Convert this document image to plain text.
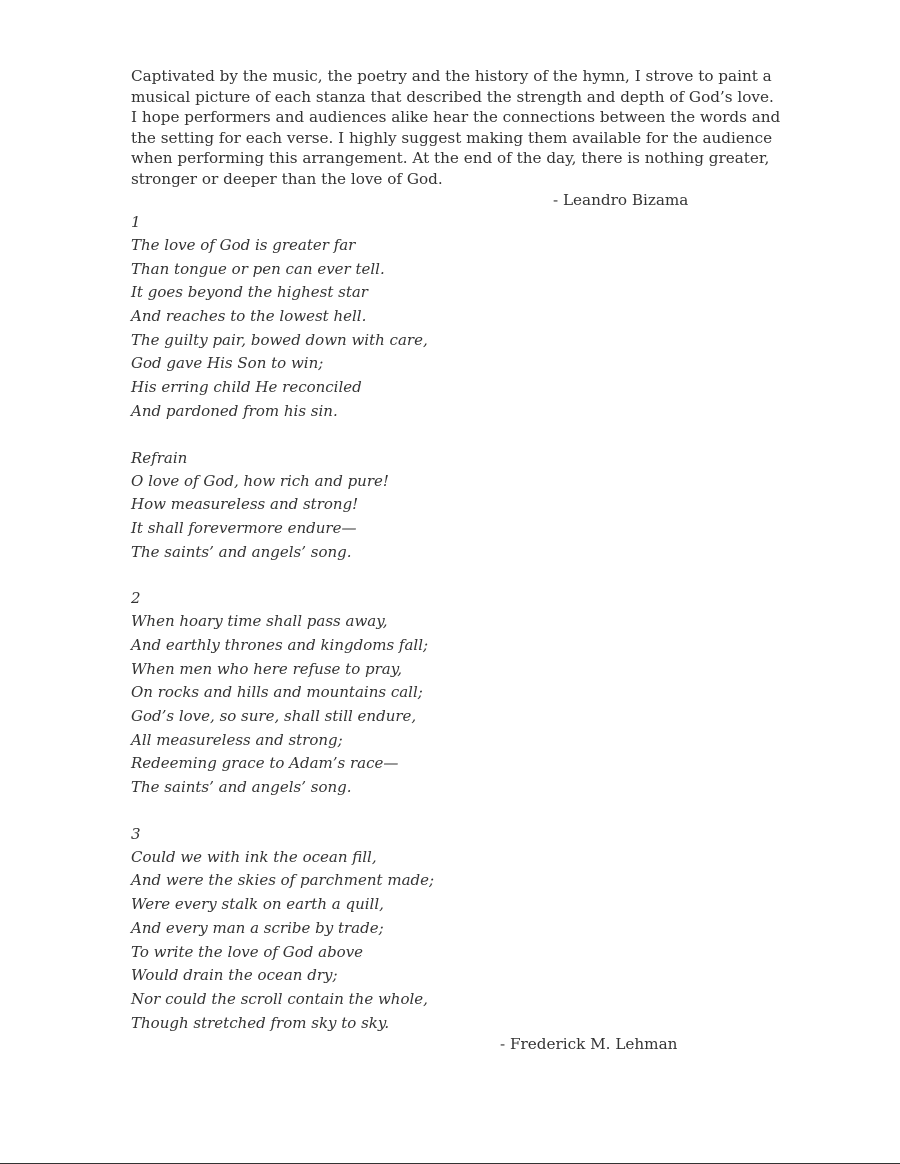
Captivated by the music, the poetry and the history of the hymn, I strove to paint a musical picture of each stanza that described the strength and depth of God’s love. I hope performers and audiences alike hear the connections between the words and the setting for each verse. I highly suggest making them available for the audience when performing this arrangement. At the end of the day, there is nothing greater, stronger or deeper than the love of God.

- Leandro Bizama
1
The love of God is greater far
Than tongue or pen can ever tell.
It goes beyond the highest star
And reaches to the lowest hell.
The guilty pair, bowed down with care,
God gave His Son to win;
His erring child He reconciled
And pardoned from his sin.
Refrain
O love of God, how rich and pure!
How measureless and strong!
It shall forevermore endure—
The saints’ and angels’ song.
2
When hoary time shall pass away,
And earthly thrones and kingdoms fall;
When men who here refuse to pray,
On rocks and hills and mountains call;
God’s love, so sure, shall still endure,
All measureless and strong;
Redeeming grace to Adam’s race—
The saints’ and angels’ song.
3
Could we with ink the ocean fill,
And were the skies of parchment made;
Were every stalk on earth a quill,
And every man a scribe by trade;
To write the love of God above
Would drain the ocean dry;
Nor could the scroll contain the whole,
Though stretched from sky to sky.
- Frederick M. Lehman
